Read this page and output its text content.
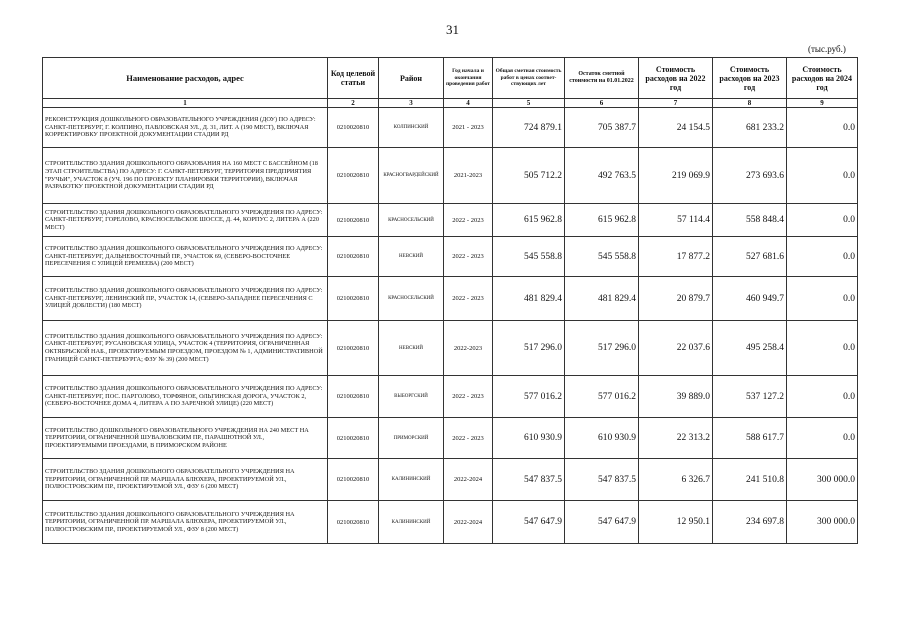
31
(тыс.руб.)
Наименование расходов, адрес	Код целевой статьи	Район	Год начала и окончания проведения работ	Общая сметная стоимость работ в ценах соответ- ствующих лет	Остаток сметной стоимости на 01.01.2022	Стоимость расходов на 2022 год	Стоимость расходов на 2023 год	Стоимость расходов на 2024 год
1	2	3	4	5	6	7	8	9
РЕКОНСТРУКЦИЯ ДОШКОЛЬНОГО ОБРАЗОВАТЕЛЬНОГО УЧРЕЖДЕНИЯ (ДОУ) ПО АДРЕСУ: САНКТ-ПЕТЕРБУРГ, Г. КОЛПИНО, ПАВЛОВСКАЯ УЛ., Д. 31, ЛИТ. А (190 МЕСТ), ВКЛЮЧАЯ КОРРЕКТИРОВКУ ПРОЕКТНОЙ ДОКУМЕНТАЦИИ СТАДИИ РД	0210020810	КОЛПИНСКИЙ	2021 - 2023	724 879.1	705 387.7	24 154.5	681 233.2	0.0
СТРОИТЕЛЬСТВО ЗДАНИЯ ДОШКОЛЬНОГО ОБРАЗОВАНИЯ НА 160 МЕСТ С БАССЕЙНОМ (18 ЭТАП СТРОИТЕЛЬСТВА) ПО АДРЕСУ: Г. САНКТ-ПЕТЕРБУРГ, ТЕРРИТОРИЯ ПРЕДПРИЯТИЯ "РУЧЬИ", УЧАСТОК 8 (УЧ. 196 ПО ПРОЕКТУ ПЛАНИРОВКИ ТЕРРИТОРИИ), ВКЛЮЧАЯ РАЗРАБОТКУ ПРОЕКТНОЙ ДОКУМЕНТАЦИИ СТАДИИ РД	0210020810	КРАСНОГВАРДЕЙСКИЙ	2021-2023	505 712.2	492 763.5	219 069.9	273 693.6	0.0
СТРОИТЕЛЬСТВО ЗДАНИЯ ДОШКОЛЬНОГО ОБРАЗОВАТЕЛЬНОГО УЧРЕЖДЕНИЯ ПО АДРЕСУ: САНКТ-ПЕТЕРБУРГ, ГОРЕЛОВО, КРАСНОСЕЛЬСКОЕ ШОССЕ, Д. 44, КОРПУС 2, ЛИТЕРА А (220 МЕСТ)	0210020810	КРАСНОСЕЛЬСКИЙ	2022 - 2023	615 962.8	615 962.8	57 114.4	558 848.4	0.0
СТРОИТЕЛЬСТВО ЗДАНИЯ ДОШКОЛЬНОГО ОБРАЗОВАТЕЛЬНОГО УЧРЕЖДЕНИЯ ПО АДРЕСУ: САНКТ-ПЕТЕРБУРГ, ДАЛЬНЕВОСТОЧНЫЙ ПР., УЧАСТОК 69, (СЕВЕРО-ВОСТОЧНЕЕ ПЕРЕСЕЧЕНИЯ С УЛИЦЕЙ ЕРЕМЕЕВА) (200 МЕСТ)	0210020810	НЕВСКИЙ	2022 - 2023	545 558.8	545 558.8	17 877.2	527 681.6	0.0
СТРОИТЕЛЬСТВО ЗДАНИЯ ДОШКОЛЬНОГО ОБРАЗОВАТЕЛЬНОГО УЧРЕЖДЕНИЯ ПО АДРЕСУ: САНКТ-ПЕТЕРБУРГ, ЛЕНИНСКИЙ ПР., УЧАСТОК 14, (СЕВЕРО-ЗАПАДНЕЕ ПЕРЕСЕЧЕНИЯ С УЛИЦЕЙ ДОБЛЕСТИ) (180 МЕСТ)	0210020810	КРАСНОСЕЛЬСКИЙ	2022 - 2023	481 829.4	481 829.4	20 879.7	460 949.7	0.0
СТРОИТЕЛЬСТВО ЗДАНИЯ ДОШКОЛЬНОГО ОБРАЗОВАТЕЛЬНОГО УЧРЕЖДЕНИЯ ПО АДРЕСУ: САНКТ-ПЕТЕРБУРГ, РУСАНОВСКАЯ УЛИЦА, УЧАСТОК 4 (ТЕРРИТОРИЯ, ОГРАНИЧЕННАЯ ОКТЯБРЬСКОЙ НАБ., ПРОЕКТИРУЕМЫМ ПРОЕЗДОМ, ПРОЕЗДОМ № 1, АДМИНИСТРАТИВНОЙ ГРАНИЦЕЙ САНКТ-ПЕТЕРБУРГА; ФЗУ № 39) (200 МЕСТ)	0210020810	НЕВСКИЙ	2022-2023	517 296.0	517 296.0	22 037.6	495 258.4	0.0
СТРОИТЕЛЬСТВО ЗДАНИЯ ДОШКОЛЬНОГО ОБРАЗОВАТЕЛЬНОГО УЧРЕЖДЕНИЯ ПО АДРЕСУ: САНКТ-ПЕТЕРБУРГ, ПОС. ПАРГОЛОВО, ТОРФЯНОЕ, ОЛЬГИНСКАЯ ДОРОГА, УЧАСТОК 2, (СЕВЕРО-ВОСТОЧНЕЕ ДОМА 4, ЛИТЕРА А ПО ЗАРЕЧНОЙ УЛИЦЕ) (220 МЕСТ)	0210020810	ВЫБОРГСКИЙ	2022 - 2023	577 016.2	577 016.2	39 889.0	537 127.2	0.0
СТРОИТЕЛЬСТВО ДОШКОЛЬНОГО ОБРАЗОВАТЕЛЬНОГО УЧРЕЖДЕНИЯ НА 240 МЕСТ НА ТЕРРИТОРИИ, ОГРАНИЧЕННОЙ ШУВАЛОВСКИМ ПР., ПАРАШЮТНОЙ УЛ., ПРОЕКТИРУЕМЫМИ ПРОЕЗДАМИ, В ПРИМОРСКОМ РАЙОНЕ	0210020810	ПРИМОРСКИЙ	2022 - 2023	610 930.9	610 930.9	22 313.2	588 617.7	0.0
СТРОИТЕЛЬСТВО ЗДАНИЯ ДОШКОЛЬНОГО ОБРАЗОВАТЕЛЬНОГО УЧРЕЖДЕНИЯ НА ТЕРРИТОРИИ, ОГРАНИЧЕННОЙ ПР. МАРШАЛА БЛЮХЕРА, ПРОЕКТИРУЕМОЙ УЛ., ПОЛЮСТРОВСКИМ ПР., ПРОЕКТИРУЕМОЙ УЛ., ФЗУ 6 (200 МЕСТ)	0210020810	КАЛИНИНСКИЙ	2022-2024	547 837.5	547 837.5	6 326.7	241 510.8	300 000.0
СТРОИТЕЛЬСТВО ЗДАНИЯ ДОШКОЛЬНОГО ОБРАЗОВАТЕЛЬНОГО УЧРЕЖДЕНИЯ НА ТЕРРИТОРИИ, ОГРАНИЧЕННОЙ ПР. МАРШАЛА БЛЮХЕРА, ПРОЕКТИРУЕМОЙ УЛ., ПОЛЮСТРОВСКИМ ПР., ПРОЕКТИРУЕМОЙ УЛ., ФЗУ 8 (200 МЕСТ)	0210020810	КАЛИНИНСКИЙ	2022-2024	547 647.9	547 647.9	12 950.1	234 697.8	300 000.0
